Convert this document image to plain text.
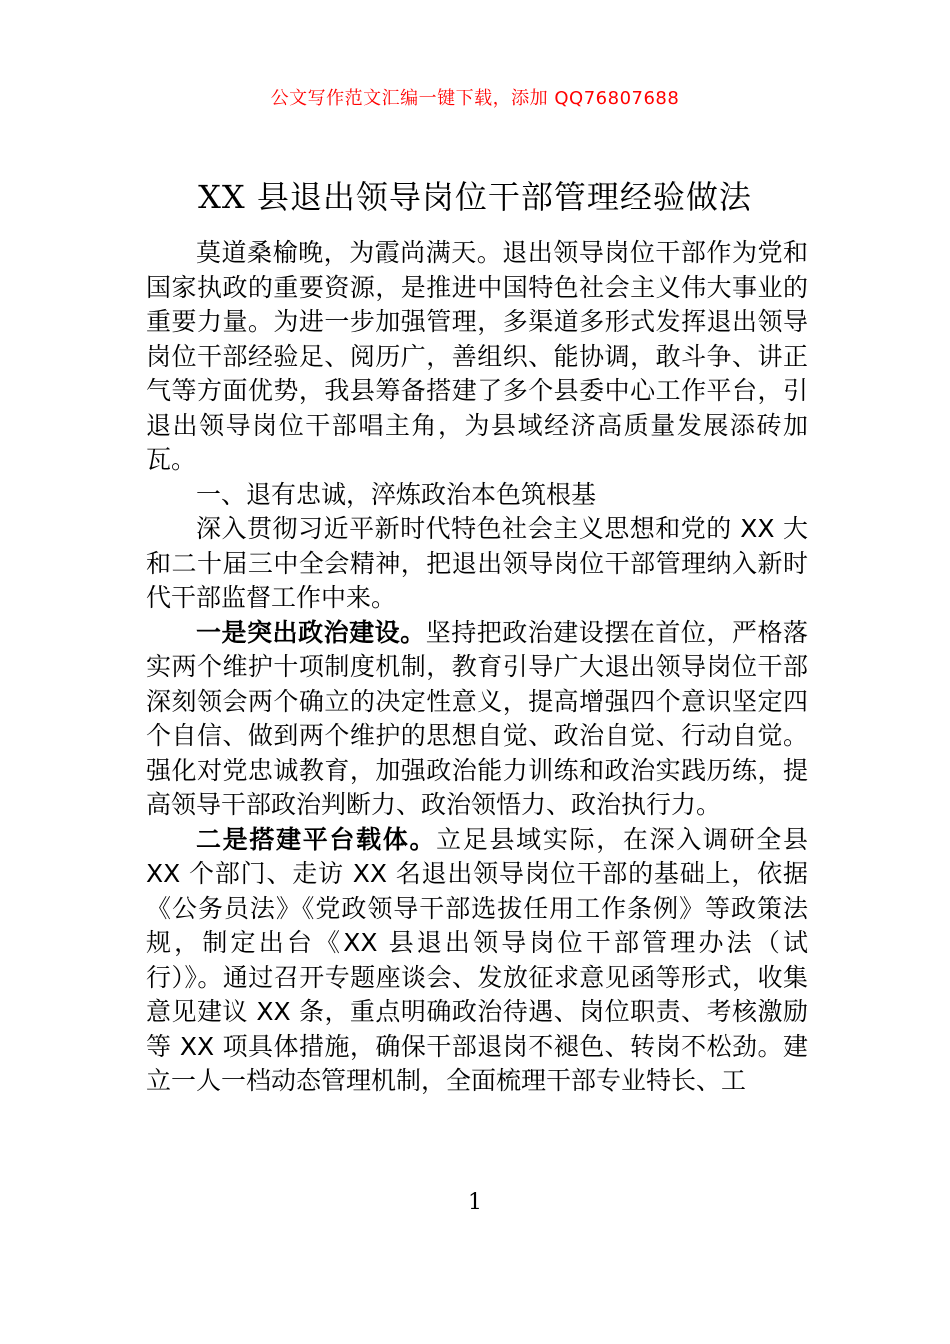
公文写作范文汇编一键下载，添加 QQ76807688
XX 县退出领导岗位干部管理经验做法

莫道桑榆晚，为霞尚满天。退出领导岗位干部作为党和国家执政的重要资源，是推进中国特色社会主义伟大事业的重要力量。为进一步加强管理，多渠道多形式发挥退出领导岗位干部经验足、阅历广，善组织、能协调，敢斗争、讲正气等方面优势，我县筹备搭建了多个县委中心工作平台，引退出领导岗位干部唱主角，为县域经济高质量发展添砖加瓦。

一、退有忠诚，淬炼政治本色筑根基

深入贯彻习近平新时代特色社会主义思想和党的 XX 大和二十届三中全会精神，把退出领导岗位干部管理纳入新时代干部监督工作中来。

一是突出政治建设。坚持把政治建设摆在首位，严格落实两个维护十项制度机制，教育引导广大退出领导岗位干部深刻领会两个确立的决定性意义，提高增强四个意识坚定四个自信、做到两个维护的思想自觉、政治自觉、行动自觉。强化对党忠诚教育，加强政治能力训练和政治实践历练，提高领导干部政治判断力、政治领悟力、政治执行力。

二是搭建平台载体。立足县域实际，在深入调研全县 XX 个部门、走访 XX 名退出领导岗位干部的基础上，依据《公务员法》《党政领导干部选拔任用工作条例》等政策法规，制定出台《XX 县退出领导岗位干部管理办法（试行）》。通过召开专题座谈会、发放征求意见函等形式，收集意见建议 XX 条，重点明确政治待遇、岗位职责、考核激励等 XX 项具体措施，确保干部退岗不褪色、转岗不松劲。建立一人一档动态管理机制，全面梳理干部专业特长、工

1
